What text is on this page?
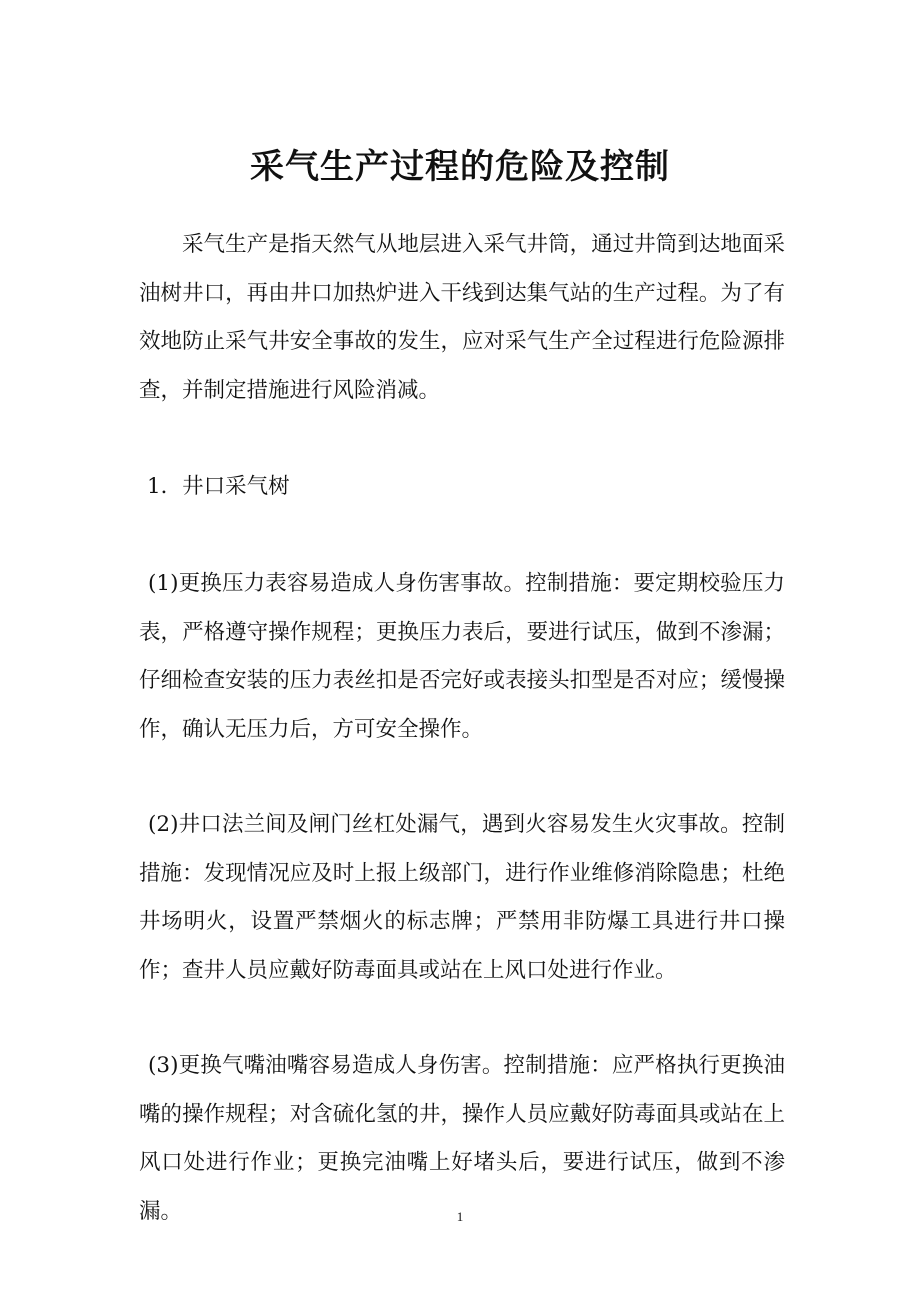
采气生产过程的危险及控制

采气生产是指天然气从地层进入采气井筒，通过井筒到达地面采油树井口，再由井口加热炉进入干线到达集气站的生产过程。为了有效地防止采气井安全事故的发生，应对采气生产全过程进行危险源排查，并制定措施进行风险消减。

1．井口采气树

(1)更换压力表容易造成人身伤害事故。控制措施：要定期校验压力表，严格遵守操作规程；更换压力表后，要进行试压，做到不渗漏；仔细检查安装的压力表丝扣是否完好或表接头扣型是否对应；缓慢操作，确认无压力后，方可安全操作。

(2)井口法兰间及闸门丝杠处漏气，遇到火容易发生火灾事故。控制措施：发现情况应及时上报上级部门，进行作业维修消除隐患；杜绝井场明火，设置严禁烟火的标志牌；严禁用非防爆工具进行井口操作；查井人员应戴好防毒面具或站在上风口处进行作业。

(3)更换气嘴油嘴容易造成人身伤害。控制措施：应严格执行更换油嘴的操作规程；对含硫化氢的井，操作人员应戴好防毒面具或站在上风口处进行作业；更换完油嘴上好堵头后，要进行试压，做到不渗漏。	1
